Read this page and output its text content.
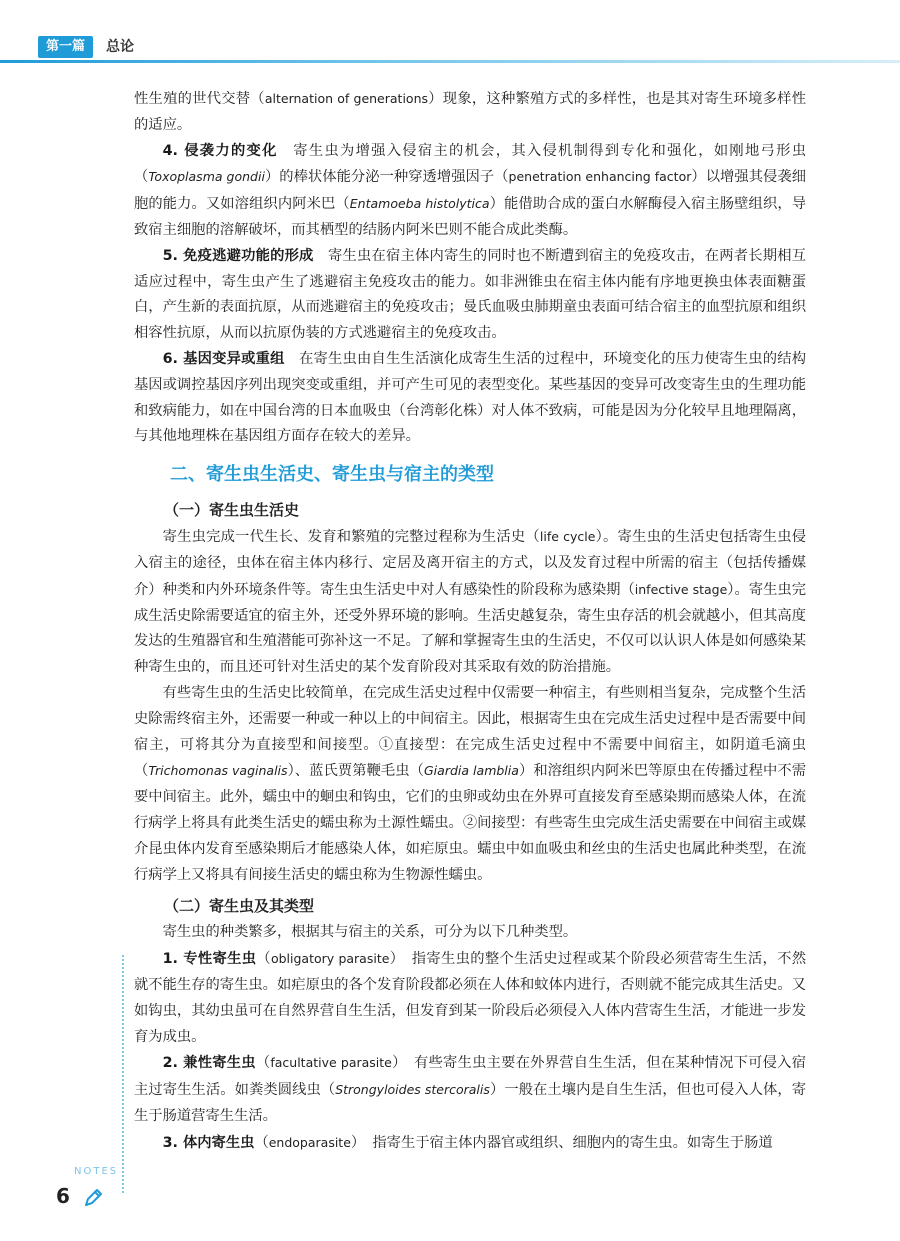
第一篇	总论

性生殖的世代交替（alternation of generations）现象，这种繁殖方式的多样性，也是其对寄生环境多样性的适应。

4. 侵袭力的变化　寄生虫为增强入侵宿主的机会，其入侵机制得到专化和强化，如刚地弓形虫（Toxoplasma gondii）的棒状体能分泌一种穿透增强因子（penetration enhancing factor）以增强其侵袭细胞的能力。又如溶组织内阿米巴（Entamoeba histolytica）能借助合成的蛋白水解酶侵入宿主肠壁组织，导致宿主细胞的溶解破坏，而其栖型的结肠内阿米巴则不能合成此类酶。

5. 免疫逃避功能的形成　寄生虫在宿主体内寄生的同时也不断遭到宿主的免疫攻击，在两者长期相互适应过程中，寄生虫产生了逃避宿主免疫攻击的能力。如非洲锥虫在宿主体内能有序地更换虫体表面糖蛋白，产生新的表面抗原，从而逃避宿主的免疫攻击；曼氏血吸虫肺期童虫表面可结合宿主的血型抗原和组织相容性抗原，从而以抗原伪装的方式逃避宿主的免疫攻击。

6. 基因变异或重组　在寄生虫由自生生活演化成寄生生活的过程中，环境变化的压力使寄生虫的结构基因或调控基因序列出现突变或重组，并可产生可见的表型变化。某些基因的变异可改变寄生虫的生理功能和致病能力，如在中国台湾的日本血吸虫（台湾彰化株）对人体不致病，可能是因为分化较早且地理隔离，与其他地理株在基因组方面存在较大的差异。

二、寄生虫生活史、寄生虫与宿主的类型
（一）寄生虫生活史

寄生虫完成一代生长、发育和繁殖的完整过程称为生活史（life cycle）。寄生虫的生活史包括寄生虫侵入宿主的途径，虫体在宿主体内移行、定居及离开宿主的方式，以及发育过程中所需的宿主（包括传播媒介）种类和内外环境条件等。寄生虫生活史中对人有感染性的阶段称为感染期（infective stage）。寄生虫完成生活史除需要适宜的宿主外，还受外界环境的影响。生活史越复杂，寄生虫存活的机会就越小，但其高度发达的生殖器官和生殖潜能可弥补这一不足。了解和掌握寄生虫的生活史，不仅可以认识人体是如何感染某种寄生虫的，而且还可针对生活史的某个发育阶段对其采取有效的防治措施。

有些寄生虫的生活史比较简单，在完成生活史过程中仅需要一种宿主，有些则相当复杂，完成整个生活史除需终宿主外，还需要一种或一种以上的中间宿主。因此，根据寄生虫在完成生活史过程中是否需要中间宿主，可将其分为直接型和间接型。①直接型：在完成生活史过程中不需要中间宿主，如阴道毛滴虫（Trichomonas vaginalis）、蓝氏贾第鞭毛虫（Giardia lamblia）和溶组织内阿米巴等原虫在传播过程中不需要中间宿主。此外，蠕虫中的蛔虫和钩虫，它们的虫卵或幼虫在外界可直接发育至感染期而感染人体，在流行病学上将具有此类生活史的蠕虫称为土源性蠕虫。②间接型：有些寄生虫完成生活史需要在中间宿主或媒介昆虫体内发育至感染期后才能感染人体，如疟原虫。蠕虫中如血吸虫和丝虫的生活史也属此种类型，在流行病学上又将具有间接生活史的蠕虫称为生物源性蠕虫。

（二）寄生虫及其类型

寄生虫的种类繁多，根据其与宿主的关系，可分为以下几种类型。

1. 专性寄生虫（obligatory parasite）　指寄生虫的整个生活史过程或某个阶段必须营寄生生活，不然就不能生存的寄生虫。如疟原虫的各个发育阶段都必须在人体和蚊体内进行，否则就不能完成其生活史。又如钩虫，其幼虫虽可在自然界营自生生活，但发育到某一阶段后必须侵入人体内营寄生生活，才能进一步发育为成虫。

2. 兼性寄生虫（facultative parasite）　有些寄生虫主要在外界营自生生活，但在某种情况下可侵入宿主过寄生生活。如粪类圆线虫（Strongyloides stercoralis）一般在土壤内是自生生活，但也可侵入人体，寄生于肠道营寄生生活。

3. 体内寄生虫（endoparasite）　指寄生于宿主体内器官或组织、细胞内的寄生虫。如寄生于肠道

NOTES
6
